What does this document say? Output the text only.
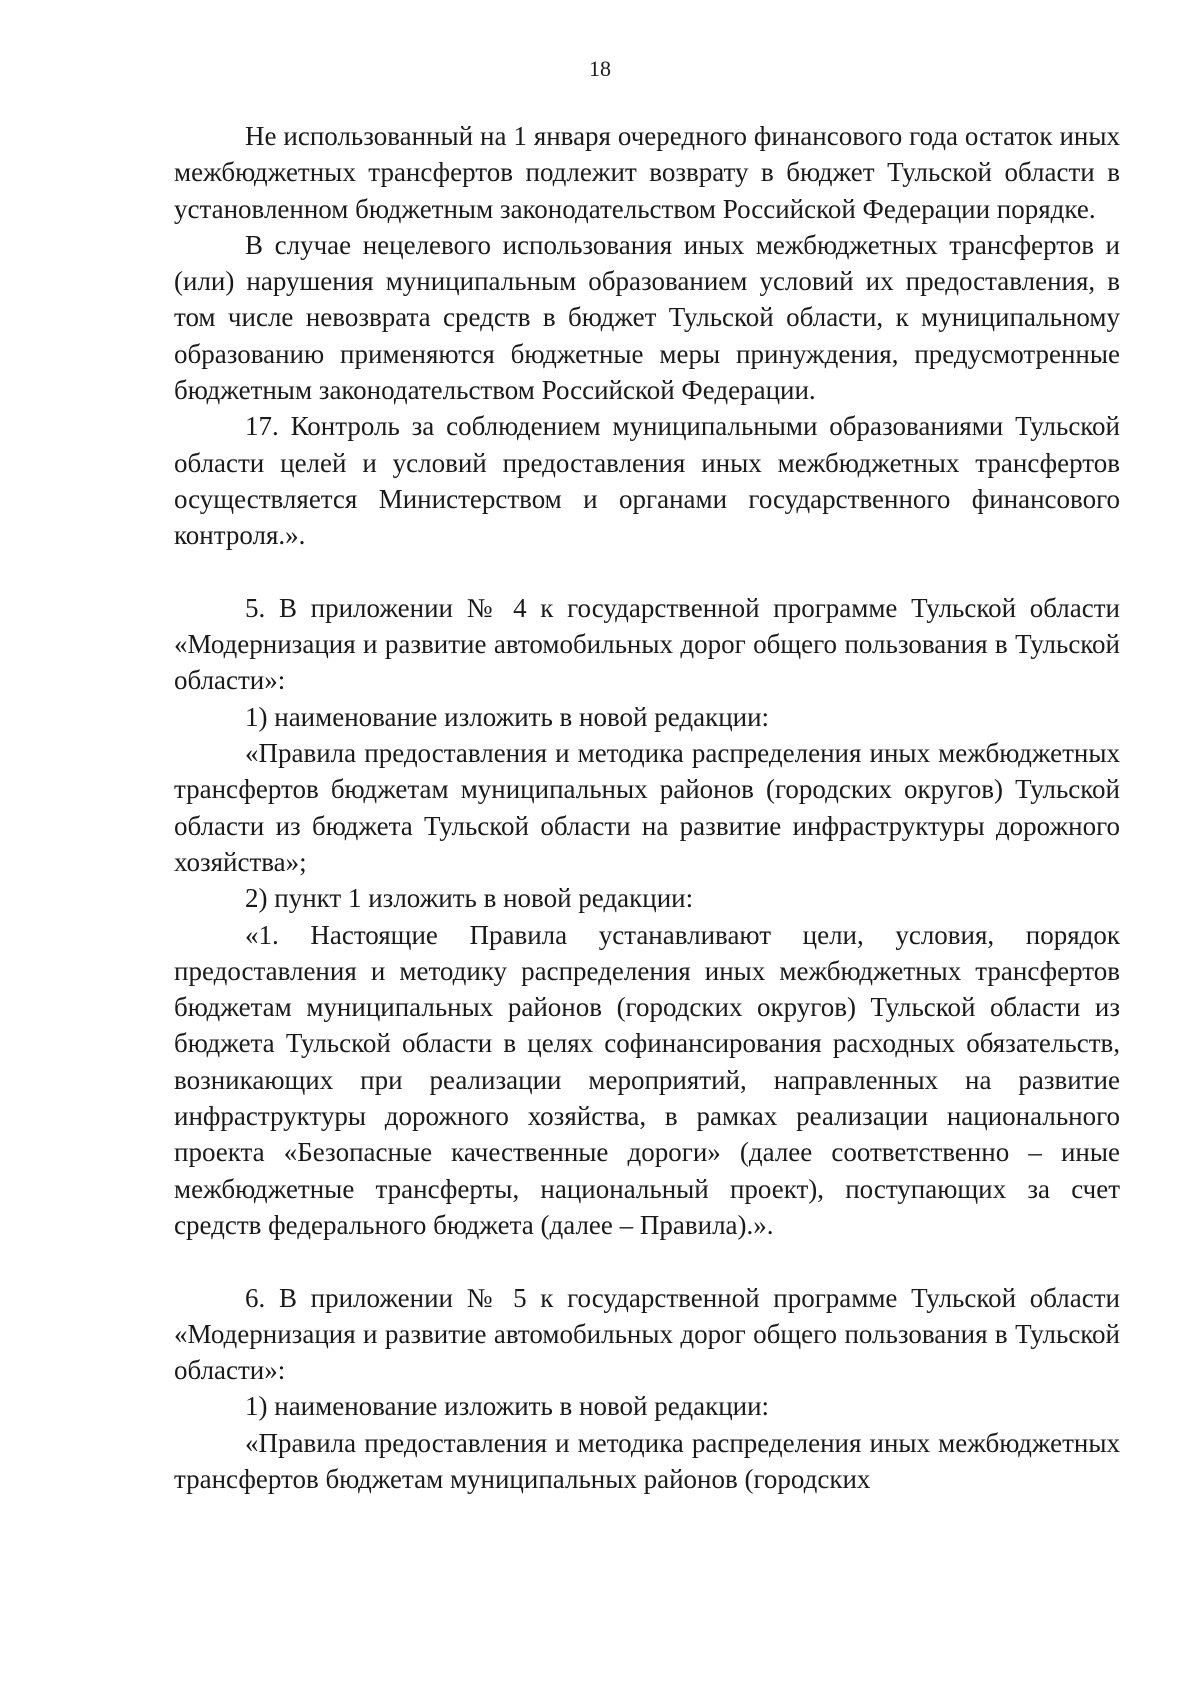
18

Не использованный на 1 января очередного финансового года остаток иных межбюджетных трансфертов подлежит возврату в бюджет Тульской области в установленном бюджетным законодательством Российской Федерации порядке.

В случае нецелевого использования иных межбюджетных трансфертов и (или) нарушения муниципальным образованием условий их предоставления, в том числе невозврата средств в бюджет Тульской области, к муниципальному образованию применяются бюджетные меры принуждения, предусмотренные бюджетным законодательством Российской Федерации.

17. Контроль за соблюдением муниципальными образованиями Тульской области целей и условий предоставления иных межбюджетных трансфертов осуществляется Министерством и органами государственного финансового контроля.».

5. В приложении № 4 к государственной программе Тульской области «Модернизация и развитие автомобильных дорог общего пользования в Тульской области»:

1) наименование изложить в новой редакции:

«Правила предоставления и методика распределения иных межбюджетных трансфертов бюджетам муниципальных районов (городских округов) Тульской области из бюджета Тульской области на развитие инфраструктуры дорожного хозяйства»;

2) пункт 1 изложить в новой редакции:

«1. Настоящие Правила устанавливают цели, условия, порядок предоставления и методику распределения иных межбюджетных трансфертов бюджетам муниципальных районов (городских округов) Тульской области из бюджета Тульской области в целях софинансирования расходных обязательств, возникающих при реализации мероприятий, направленных на развитие инфраструктуры дорожного хозяйства, в рамках реализации национального проекта «Безопасные качественные дороги» (далее соответственно – иные межбюджетные трансферты, национальный проект), поступающих за счет средств федерального бюджета (далее – Правила).».

6. В приложении № 5 к государственной программе Тульской области «Модернизация и развитие автомобильных дорог общего пользования в Тульской области»:

1) наименование изложить в новой редакции:

«Правила предоставления и методика распределения иных межбюджетных трансфертов бюджетам муниципальных районов (городских
